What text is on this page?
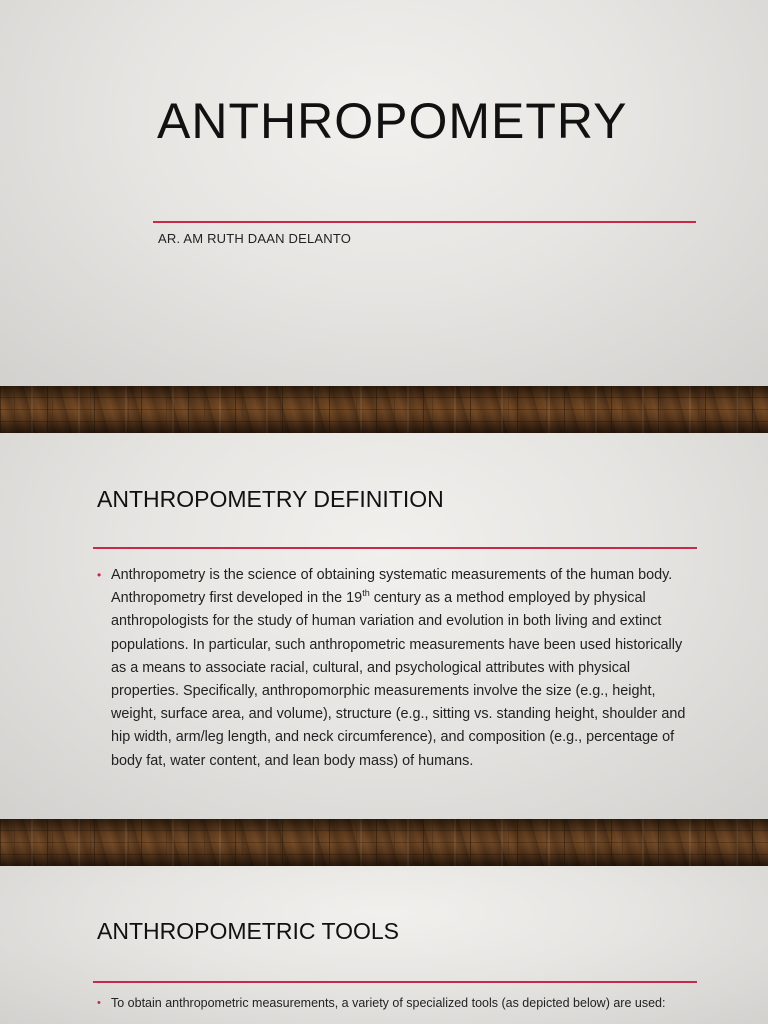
ANTHROPOMETRY
AR. AM RUTH DAAN DELANTO
ANTHROPOMETRY DEFINITION
• Anthropometry is the science of obtaining systematic measurements of the human body. Anthropometry first developed in the 19th century as a method employed by physical anthropologists for the study of human variation and evolution in both living and extinct populations. In particular, such anthropometric measurements have been used historically as a means to associate racial, cultural, and psychological attributes with physical properties. Specifically, anthropomorphic measurements involve the size (e.g., height, weight, surface area, and volume), structure (e.g., sitting vs. standing height, shoulder and hip width, arm/leg length, and neck circumference), and composition (e.g., percentage of body fat, water content, and lean body mass) of humans.

ANTHROPOMETRIC TOOLS
• To obtain anthropometric measurements, a variety of specialized tools (as depicted below) are used:
